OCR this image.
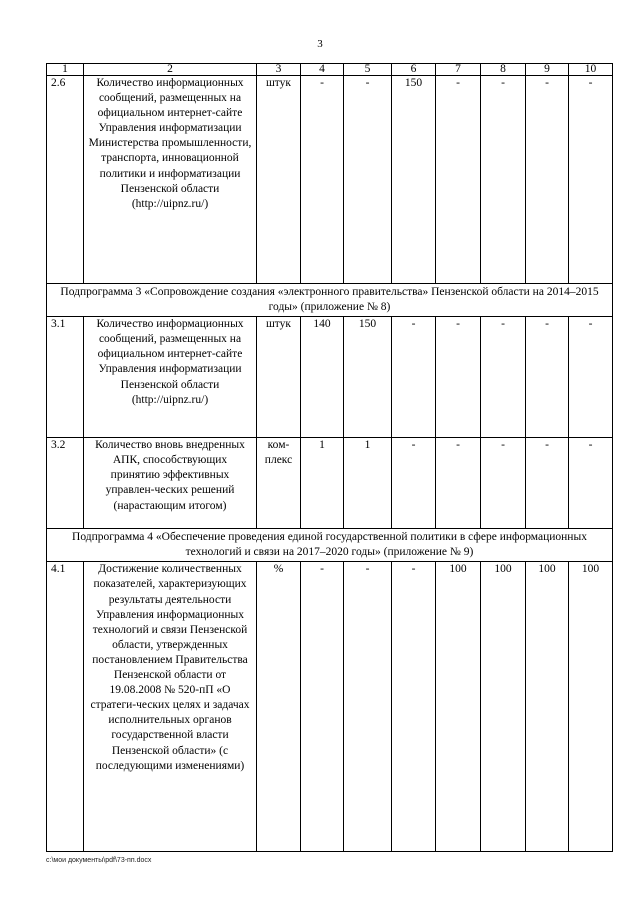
3
1	2	3	4	5	6	7	8	9	10
2.6	Количество информационных сообщений, размещенных на официальном интернет-сайте Управления информатизации Министерства промышленности, транспорта, инновационной политики и информатизации Пензенской области (http://uipnz.ru/)	штук	-	-	150	-	-	-	-
Подпрограмма 3 «Сопровождение создания «электронного правительства» Пензенской области на 2014–2015 годы» (приложение № 8)									
3.1	Количество информационных сообщений, размещенных на официальном интернет-сайте Управления информатизации Пензенской области (http://uipnz.ru/)	штук	140	150	-	-	-	-	-
3.2	Количество вновь внедренных АПК, способствующих принятию эффективных управлен-ческих решений (нарастающим итогом)	ком-плекс	1	1	-	-	-	-	-
Подпрограмма 4 «Обеспечение проведения единой государственной политики в сфере информационных технологий и связи на 2017–2020 годы» (приложение № 9)									
4.1	Достижение количественных показателей, характеризующих результаты деятельности Управления информационных технологий и связи Пензенской области, утвержденных постановлением Правительства Пензенской области от 19.08.2008 № 520-пП «О стратеги-ческих целях и задачах исполнительных органов государственной власти Пензенской области» (с последующими изменениями)	%	-	-	-	100	100	100	100
c:\мои документы\pdf\73-пп.docx
